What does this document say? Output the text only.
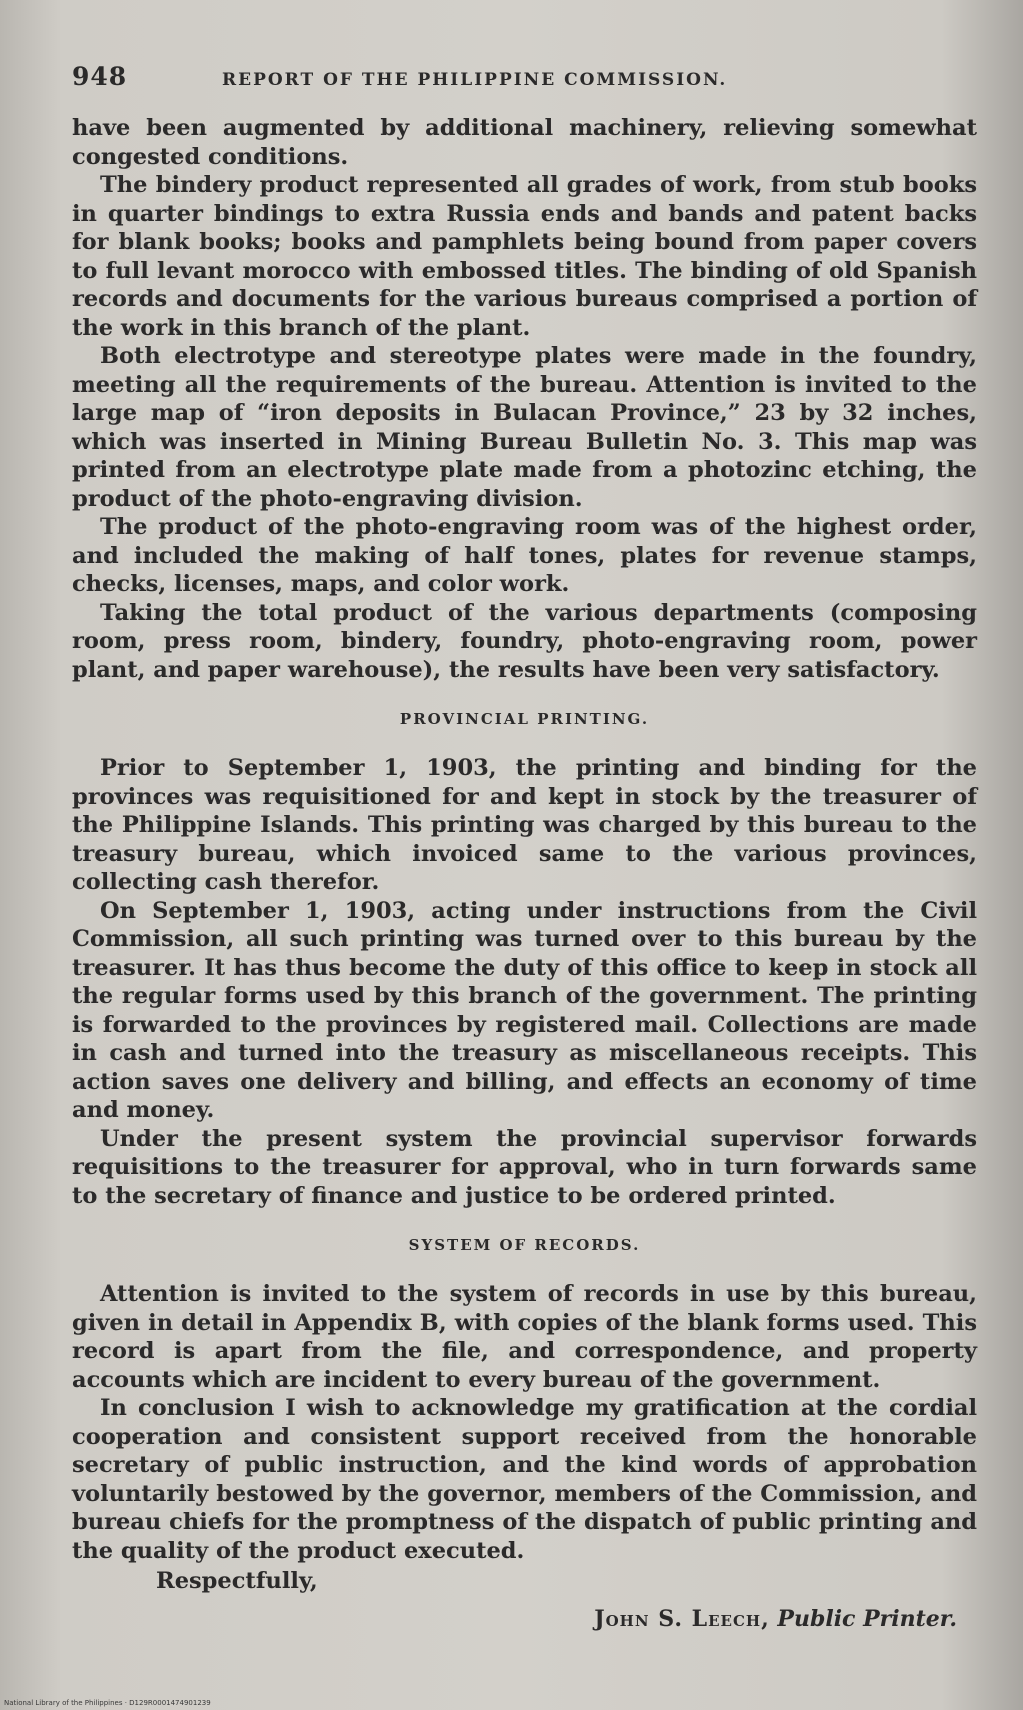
948	REPORT OF THE PHILIPPINE COMMISSION.

have been augmented by additional machinery, relieving somewhat congested conditions.

The bindery product represented all grades of work, from stub books in quarter bindings to extra Russia ends and bands and patent backs for blank books; books and pamphlets being bound from paper covers to full levant morocco with embossed titles. The binding of old Spanish records and documents for the various bureaus comprised a portion of the work in this branch of the plant.

Both electrotype and stereotype plates were made in the foundry, meeting all the requirements of the bureau. Attention is invited to the large map of “iron deposits in Bulacan Province,” 23 by 32 inches, which was inserted in Mining Bureau Bulletin No. 3. This map was printed from an electrotype plate made from a photozinc etching, the product of the photo-engraving division.

The product of the photo-engraving room was of the highest order, and included the making of half tones, plates for revenue stamps, checks, licenses, maps, and color work.

Taking the total product of the various departments (composing room, press room, bindery, foundry, photo-engraving room, power plant, and paper warehouse), the results have been very satisfactory.

PROVINCIAL PRINTING.

Prior to September 1, 1903, the printing and binding for the provinces was requisitioned for and kept in stock by the treasurer of the Philippine Islands. This printing was charged by this bureau to the treasury bureau, which invoiced same to the various provinces, collecting cash therefor.

On September 1, 1903, acting under instructions from the Civil Commission, all such printing was turned over to this bureau by the treasurer. It has thus become the duty of this office to keep in stock all the regular forms used by this branch of the government. The printing is forwarded to the provinces by registered mail. Collections are made in cash and turned into the treasury as miscellaneous receipts. This action saves one delivery and billing, and effects an economy of time and money.

Under the present system the provincial supervisor forwards requisitions to the treasurer for approval, who in turn forwards same to the secretary of finance and justice to be ordered printed.

SYSTEM OF RECORDS.

Attention is invited to the system of records in use by this bureau, given in detail in Appendix B, with copies of the blank forms used. This record is apart from the file, and correspondence, and property accounts which are incident to every bureau of the government.

In conclusion I wish to acknowledge my gratification at the cordial cooperation and consistent support received from the honorable secretary of public instruction, and the kind words of approbation voluntarily bestowed by the governor, members of the Commission, and bureau chiefs for the promptness of the dispatch of public printing and the quality of the product executed.

Respectfully,
John S. Leech, Public Printer.
National Library of the Philippines · D129R0001474901239
